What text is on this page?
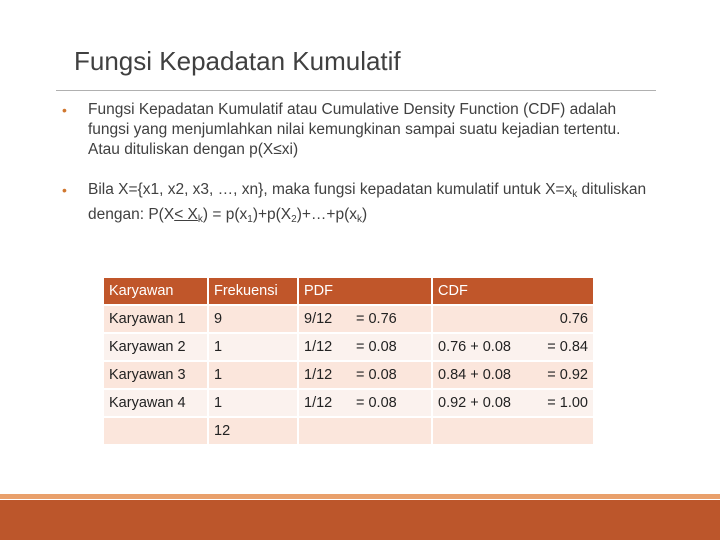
Fungsi Kepadatan Kumulatif
•	Fungsi Kepadatan Kumulatif atau Cumulative Density Function (CDF) adalah fungsi yang menjumlahkan nilai kemungkinan sampai suatu kejadian tertentu. Atau dituliskan dengan p(X≤xi)
•	Bila X={x1, x2, x3, …, xn}, maka fungsi kepadatan kumulatif untuk $X=x_k$ dituliskan dengan: $P(X< X_k)$ = $p(x_1)+p(X_2)+\dots+p(x_k)$
Karyawan	Frekuensi	PDF	CDF
Karyawan 1	9	9/12 = 0.76	0.76

Karyawan 2	1	1/12 = 0.08	0.76 + 0.08 = 0.84

Karyawan 3	1	1/12 = 0.08	0.84 + 0.08 = 0.92

Karyawan 4	1	1/12 = 0.08	0.92 + 0.08 = 1.00

	12		
